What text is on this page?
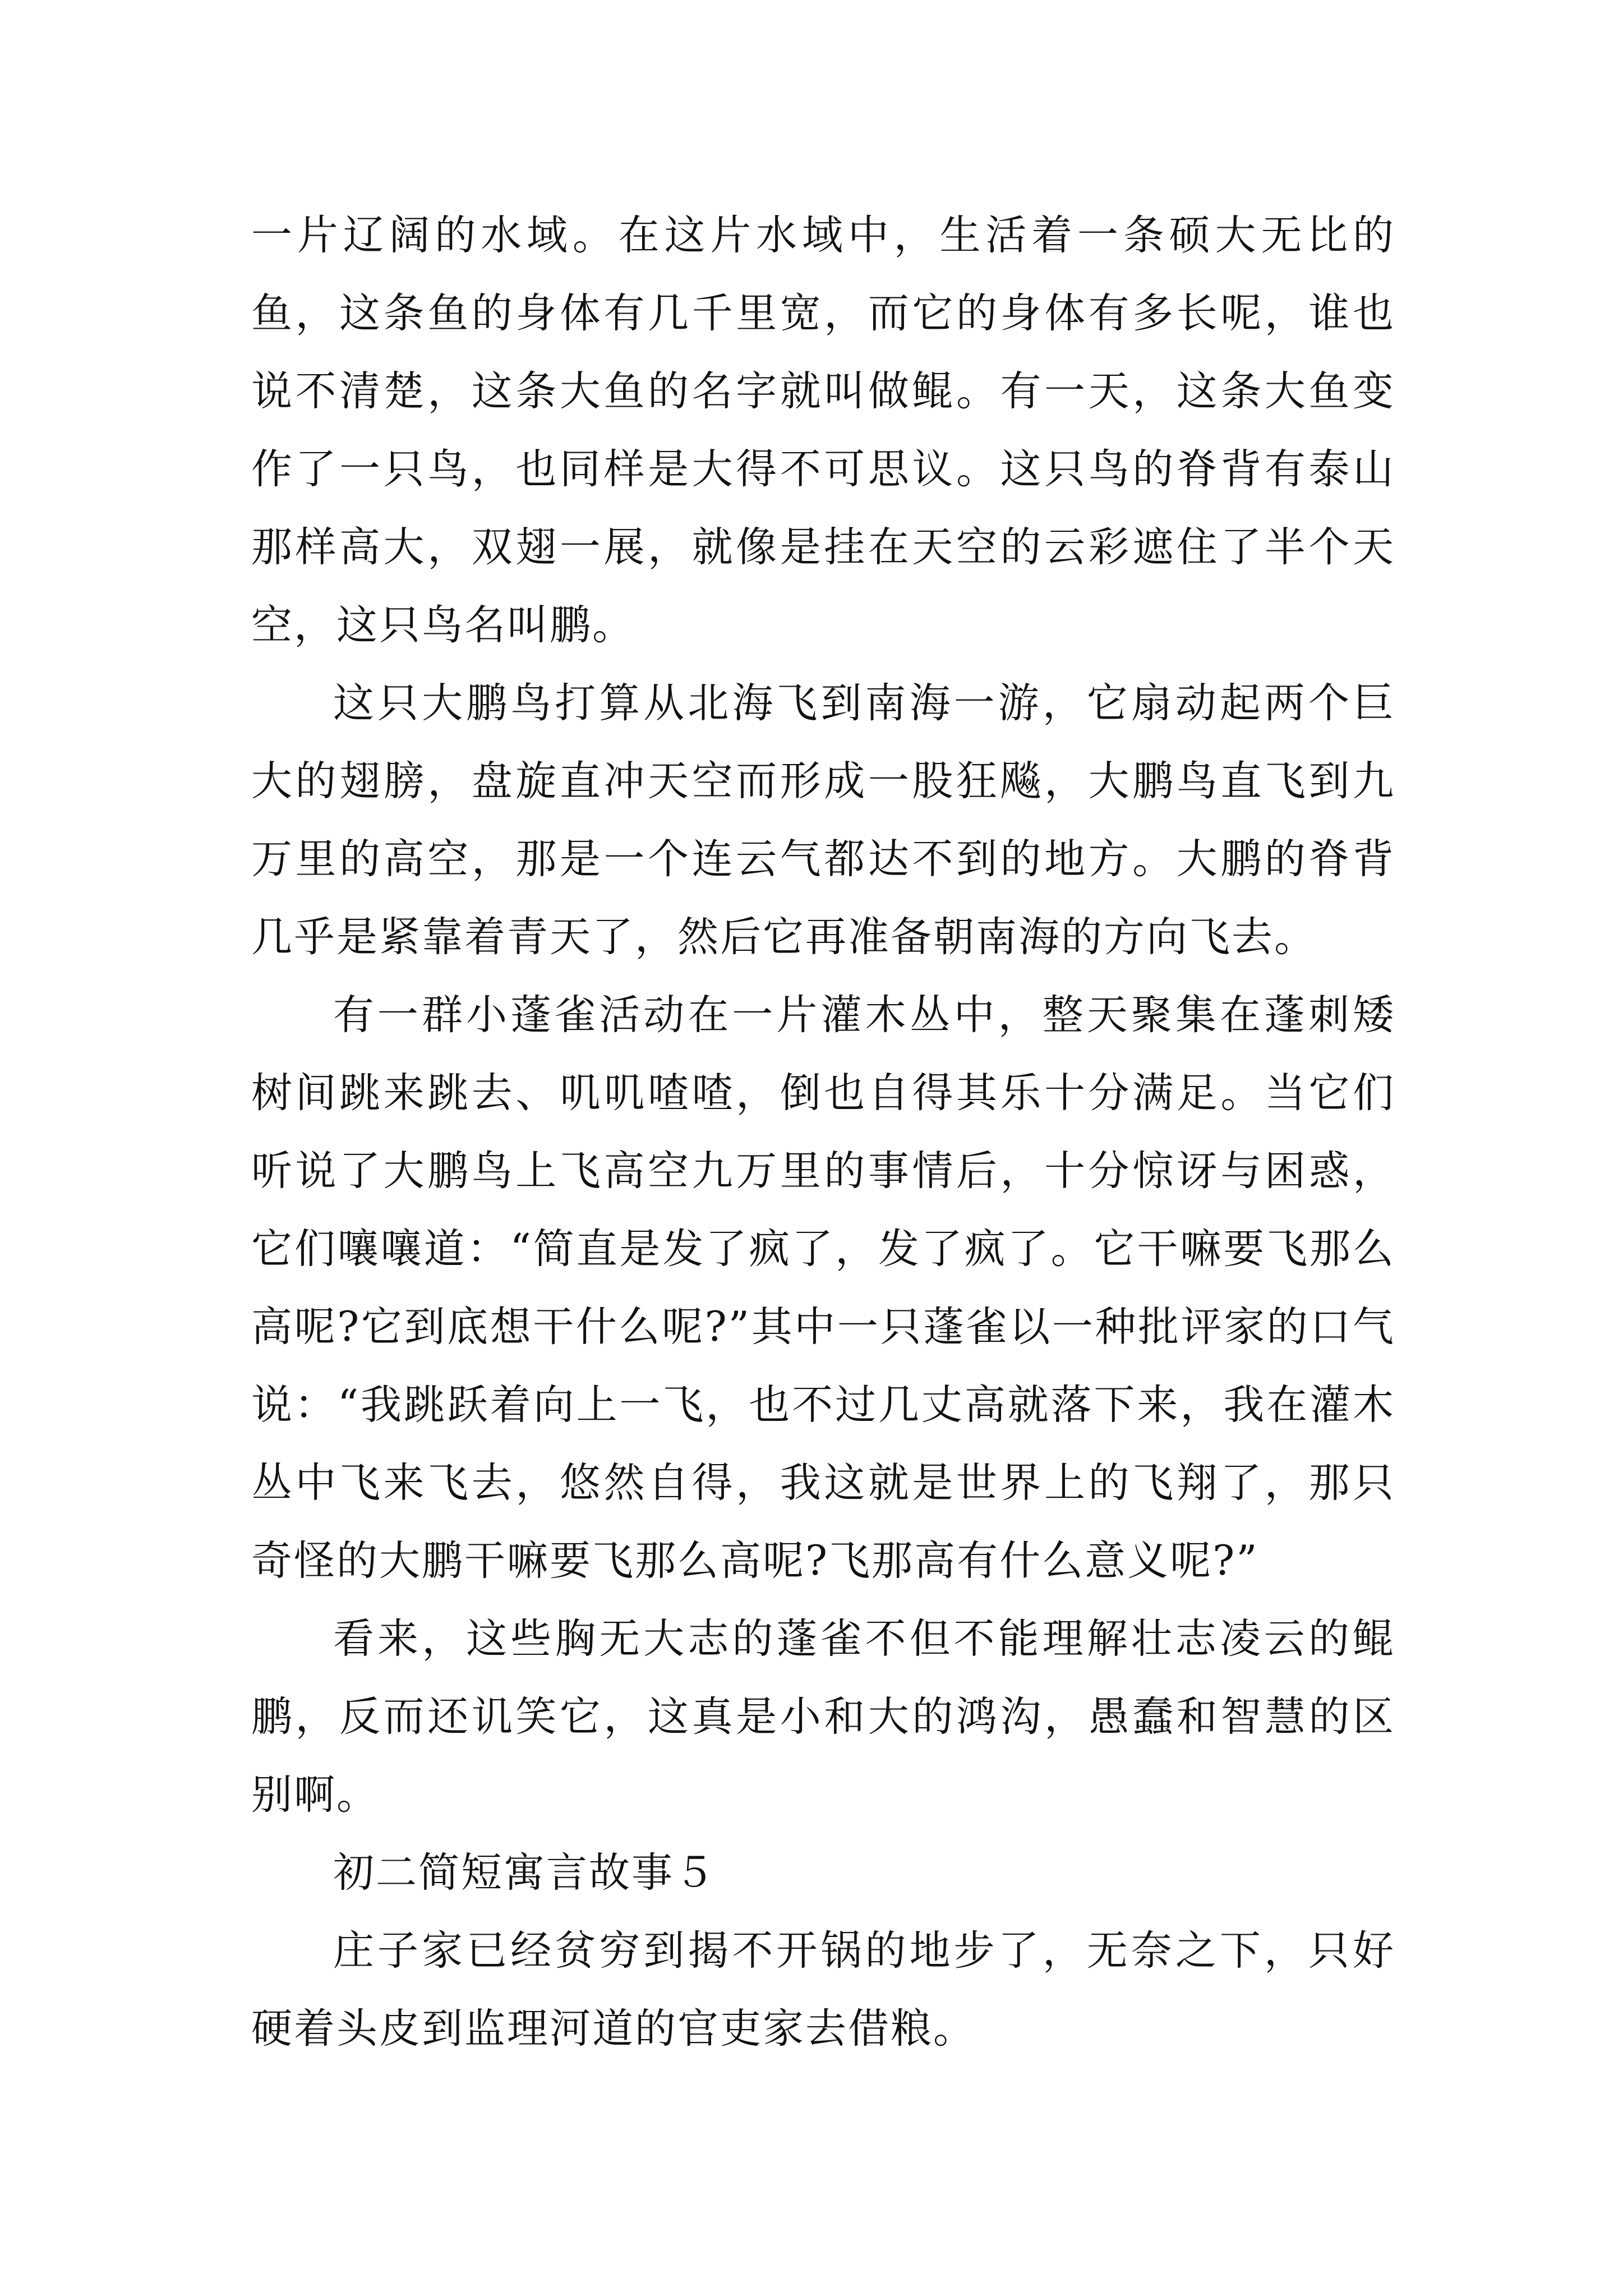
一片辽阔的水域。在这片水域中，生活着一条硕大无比的鱼，这条鱼的身体有几千里宽，而它的身体有多长呢，谁也说不清楚，这条大鱼的名字就叫做鲲。有一天，这条大鱼变作了一只鸟，也同样是大得不可思议。这只鸟的脊背有泰山那样高大，双翅一展，就像是挂在天空的云彩遮住了半个天空，这只鸟名叫鹏。

这只大鹏鸟打算从北海飞到南海一游，它扇动起两个巨大的翅膀，盘旋直冲天空而形成一股狂飚，大鹏鸟直飞到九万里的高空，那是一个连云气都达不到的地方。大鹏的脊背几乎是紧靠着青天了，然后它再准备朝南海的方向飞去。

有一群小蓬雀活动在一片灌木丛中，整天聚集在蓬刺矮树间跳来跳去、叽叽喳喳，倒也自得其乐十分满足。当它们听说了大鹏鸟上飞高空九万里的事情后，十分惊讶与困惑，它们嚷嚷道：“简直是发了疯了，发了疯了。它干嘛要飞那么高呢?它到底想干什么呢?”其中一只蓬雀以一种批评家的口气说：“我跳跃着向上一飞，也不过几丈高就落下来，我在灌木丛中飞来飞去，悠然自得，我这就是世界上的飞翔了，那只奇怪的大鹏干嘛要飞那么高呢?飞那高有什么意义呢?”

看来，这些胸无大志的蓬雀不但不能理解壮志凌云的鲲鹏，反而还讥笑它，这真是小和大的鸿沟，愚蠢和智慧的区别啊。

初二简短寓言故事５

庄子家已经贫穷到揭不开锅的地步了，无奈之下，只好硬着头皮到监理河道的官吏家去借粮。
